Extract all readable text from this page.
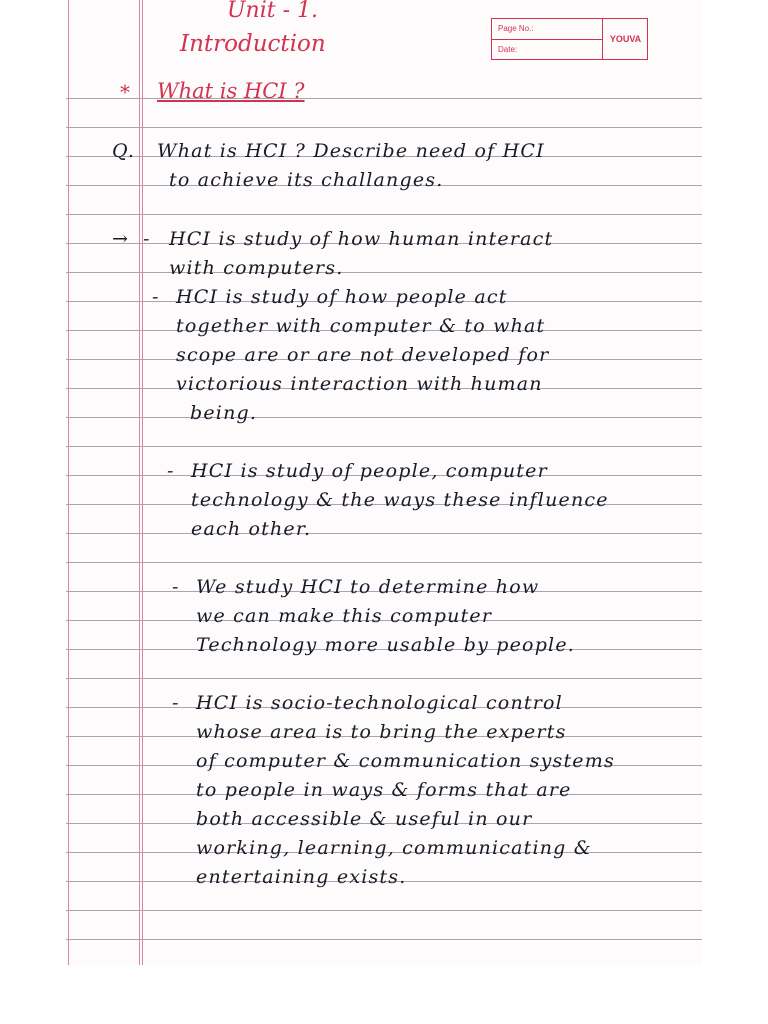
Page No.:
Date:
YOUVA
Unit - 1.
Introduction
* What is HCI ?
Q. What is HCI ? Describe need of HCI
to achieve its challanges.
→ - HCI is study of how human interact
with computers.
- HCI is study of how people act
together with computer & to what
scope are or are not developed for
victorious interaction with human
being.
- HCI is study of people, computer
technology & the ways these influence
each other.
- We study HCI to determine how
we can make this computer
Technology more usable by people.
- HCI is socio-technological control
whose area is to bring the experts
of computer & communication systems
to people in ways & forms that are
both accessible & useful in our
working, learning, communicating &
entertaining exists.
